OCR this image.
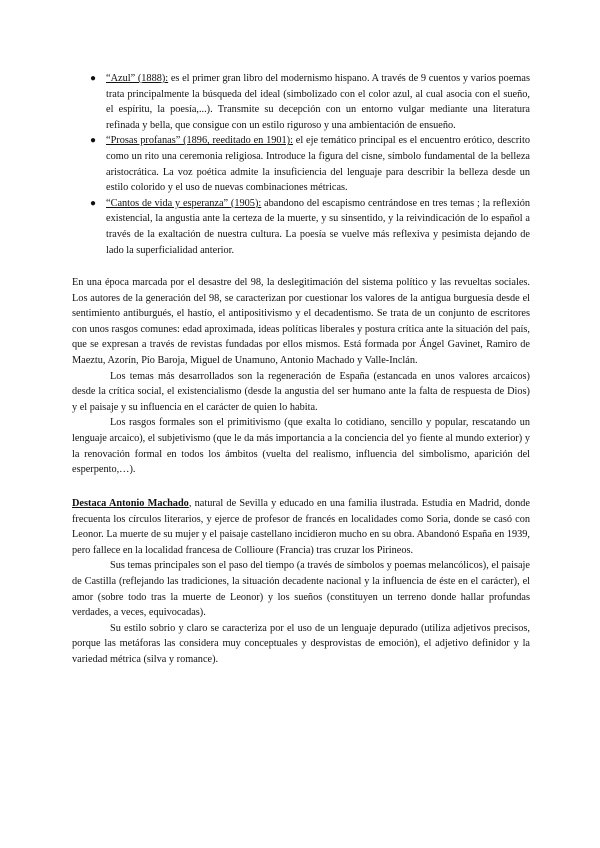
● “Azul” (1888): es el primer gran libro del modernismo hispano. A través de 9 cuentos y varios poemas trata principalmente la búsqueda del ideal (simbolizado con el color azul, al cual asocia con el sueño, el espíritu, la poesía,...). Transmite su decepción con un entorno vulgar mediante una literatura refinada y bella, que consigue con un estilo riguroso y una ambientación de ensueño.
● “Prosas profanas” (1896, reeditado en 1901): el eje temático principal es el encuentro erótico, descrito como un rito una ceremonia religiosa. Introduce la figura del cisne, símbolo fundamental de la belleza aristocrática. La voz poética admite la insuficiencia del lenguaje para describir la belleza desde un estilo colorido y el uso de nuevas combinaciones métricas.
● “Cantos de vida y esperanza” (1905): abandono del escapismo centrándose en tres temas ; la reflexión existencial, la angustia ante la certeza de la muerte, y su sinsentido, y la reivindicación de lo español a través de la exaltación de nuestra cultura. La poesía se vuelve más reflexiva y pesimista dejando de lado la superficialidad anterior.

En una época marcada por el desastre del 98, la deslegitimación del sistema político y las revueltas sociales. Los autores de la generación del 98, se caracterizan por cuestionar los valores de la antigua burguesía desde el sentimiento antiburgués, el hastío, el antipositivismo y el decadentismo. Se trata de un conjunto de escritores con unos rasgos comunes: edad aproximada, ideas políticas liberales y postura crítica ante la situación del país, que se expresan a través de revistas fundadas por ellos mismos. Está formada por Ángel Gavinet, Ramiro de Maeztu, Azorín, Pío Baroja, Miguel de Unamuno, Antonio Machado y Valle-Inclán.

Los temas más desarrollados son la regeneración de España (estancada en unos valores arcaicos) desde la crítica social, el existencialismo (desde la angustia del ser humano ante la falta de respuesta de Dios) y el paisaje y su influencia en el carácter de quien lo habita.

Los rasgos formales son el primitivismo (que exalta lo cotidiano, sencillo y popular, rescatando un lenguaje arcaico), el subjetivismo (que le da más importancia a la conciencia del yo fiente al mundo exterior) y la renovación formal en todos los ámbitos (vuelta del realismo, influencia del simbolismo, aparición del esperpento,…).

Destaca Antonio Machado, natural de Sevilla y educado en una familia ilustrada. Estudia en Madrid, donde frecuenta los círculos literarios, y ejerce de profesor de francés en localidades como Soria, donde se casó con Leonor. La muerte de su mujer y el paisaje castellano incidieron mucho en su obra. Abandonó España en 1939, pero fallece en la localidad francesa de Collioure (Francia) tras cruzar los Pirineos.

Sus temas principales son el paso del tiempo (a través de símbolos y poemas melancólicos), el paisaje de Castilla (reflejando las tradiciones, la situación decadente nacional y la influencia de éste en el carácter), el amor (sobre todo tras la muerte de Leonor) y los sueños (constituyen un terreno donde hallar profundas verdades, a veces, equivocadas).

Su estilo sobrio y claro se caracteriza por el uso de un lenguaje depurado (utiliza adjetivos precisos, porque las metáforas las considera muy conceptuales y desprovistas de emoción), el adjetivo definidor y la variedad métrica (silva y romance).
